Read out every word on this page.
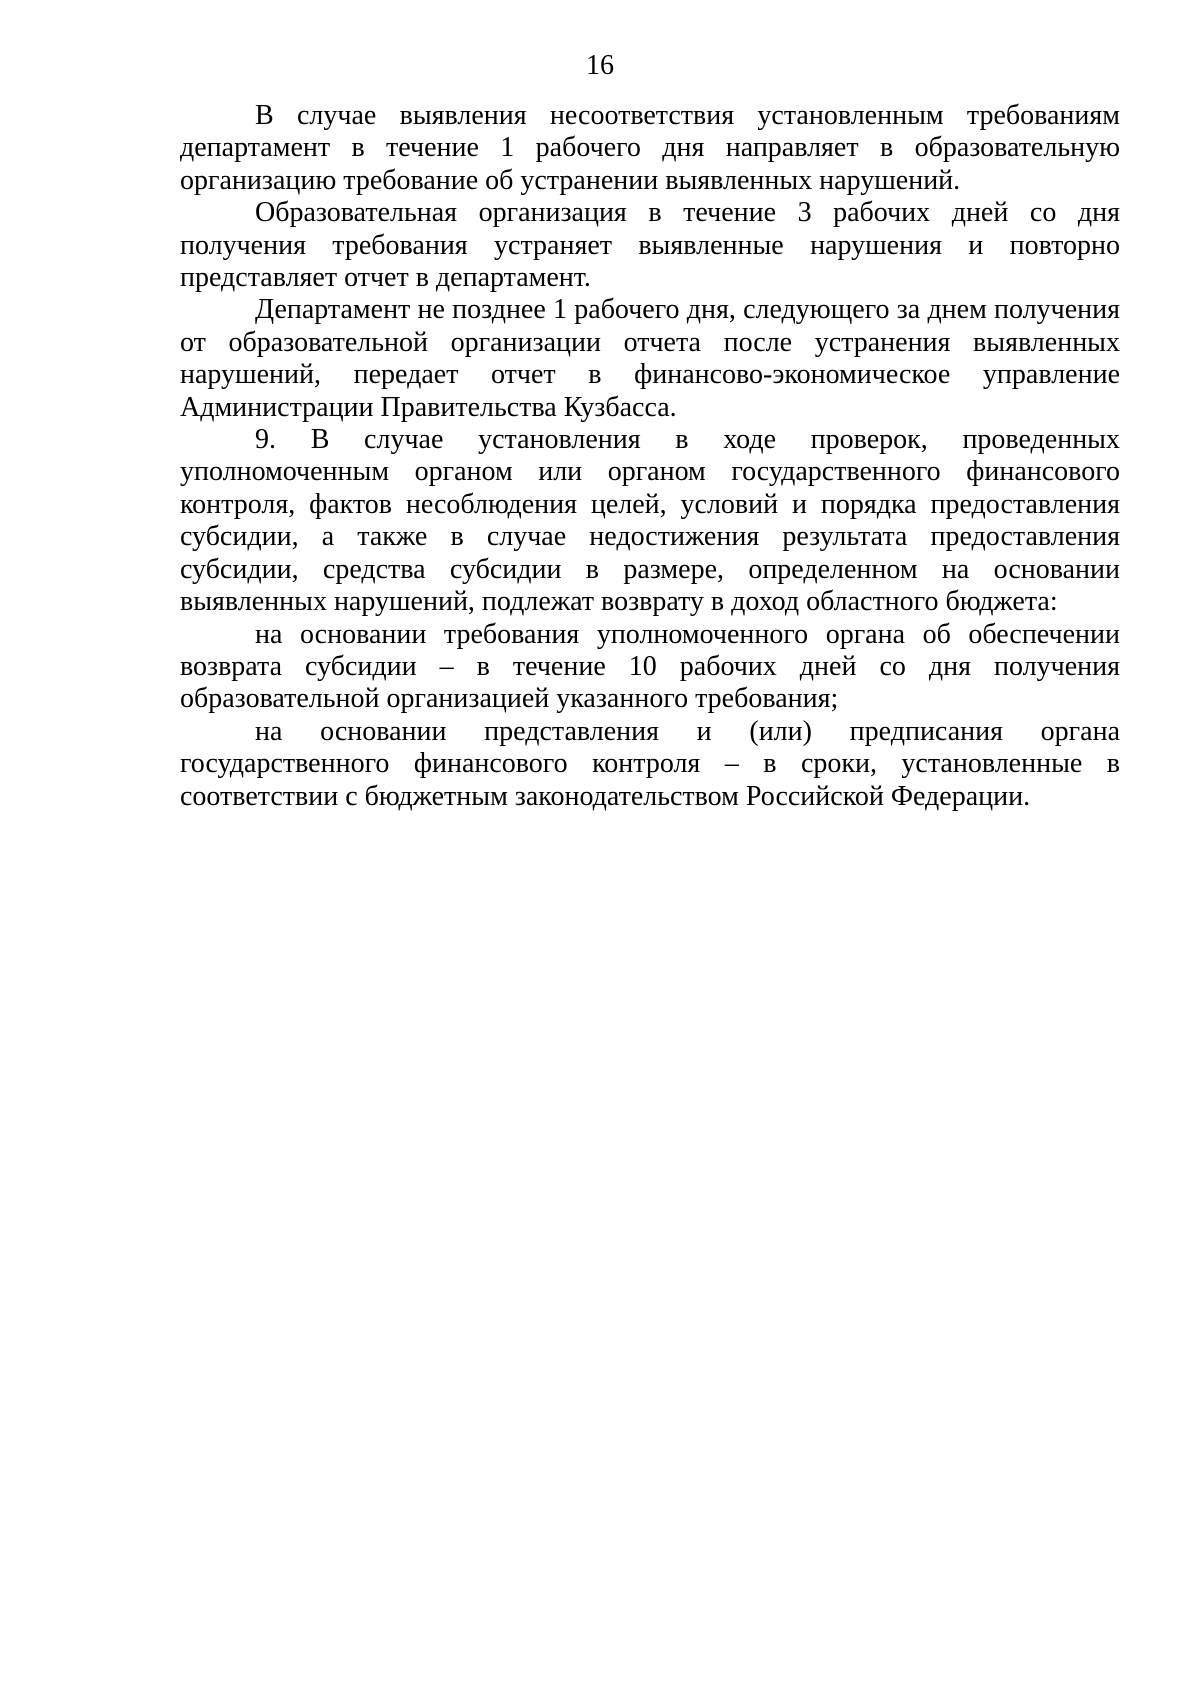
16

В случае выявления несоответствия установленным требованиям департамент в течение 1 рабочего дня направляет в образовательную организацию требование об устранении выявленных нарушений.

Образовательная организация в течение 3 рабочих дней со дня получения требования устраняет выявленные нарушения и повторно представляет отчет в департамент.

Департамент не позднее 1 рабочего дня, следующего за днем получения от образовательной организации отчета после устранения выявленных нарушений, передает отчет в финансово-экономическое управление Администрации Правительства Кузбасса.

9. В случае установления в ходе проверок, проведенных уполномоченным органом или органом государственного финансового контроля, фактов несоблюдения целей, условий и порядка предоставления субсидии, а также в случае недостижения результата предоставления субсидии, средства субсидии в размере, определенном на основании выявленных нарушений, подлежат возврату в доход областного бюджета:

на основании требования уполномоченного органа об обеспечении возврата субсидии – в течение 10 рабочих дней со дня получения образовательной организацией указанного требования;

на основании представления и (или) предписания органа государственного финансового контроля – в сроки, установленные в соответствии с бюджетным законодательством Российской Федерации.
